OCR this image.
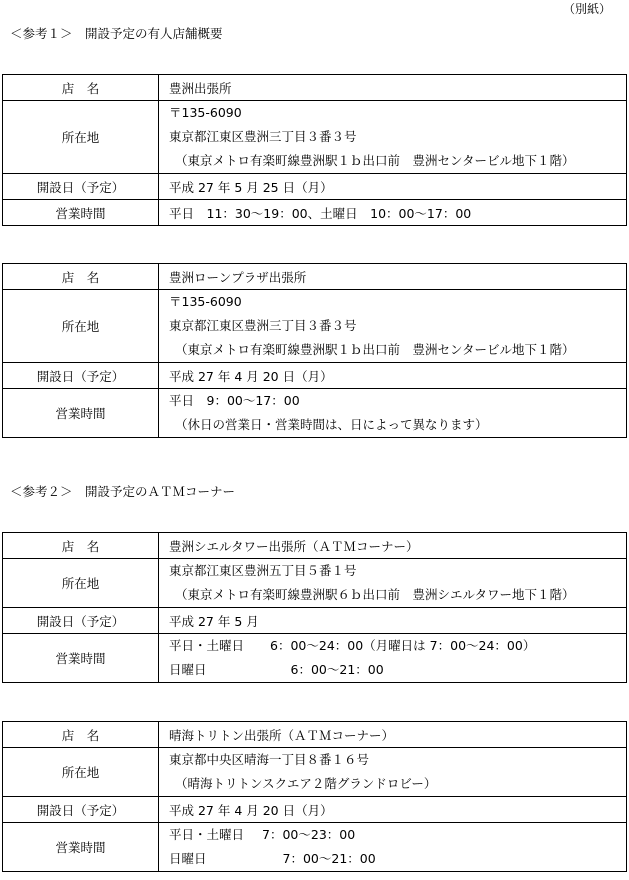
（別紙）
＜参考１＞　開設予定の有人店舗概要
店　名	豊洲出張所
所在地	〒135-6090
東京都江東区豊洲三丁目３番３号
（東京メトロ有楽町線豊洲駅１ｂ出口前　豊洲センタービル地下１階）

開設日（予定）	平成 27 年 5 月 25 日（月）
営業時間	平日　11：30～19：00、土曜日　10：00～17：00
店　名	豊洲ローンプラザ出張所
所在地	〒135-6090
東京都江東区豊洲三丁目３番３号
（東京メトロ有楽町線豊洲駅１ｂ出口前　豊洲センタービル地下１階）

開設日（予定）	平成 27 年 4 月 20 日（月）
営業時間	平日　9：00～17：00
（休日の営業日・営業時間は、日によって異なります）
＜参考２＞　開設予定のＡＴＭコーナー
店　名	豊洲シエルタワー出張所（ＡＴＭコーナー）
所在地	東京都江東区豊洲五丁目５番１号
（東京メトロ有楽町線豊洲駅６ｂ出口前　豊洲シエルタワー地下１階）

開設日（予定）	平成 27 年 5 月
営業時間	平日・土曜日 6：00～24：00（月曜日は 7：00～24：00）
日曜日 6：00～21：00
店　名	晴海トリトン出張所（ＡＴＭコーナー）
所在地	東京都中央区晴海一丁目８番１６号
（晴海トリトンスクエア２階グランドロビー）

開設日（予定）	平成 27 年 4 月 20 日（月）
営業時間	平日・土曜日 7：00～23：00
日曜日 7：00～21：00
